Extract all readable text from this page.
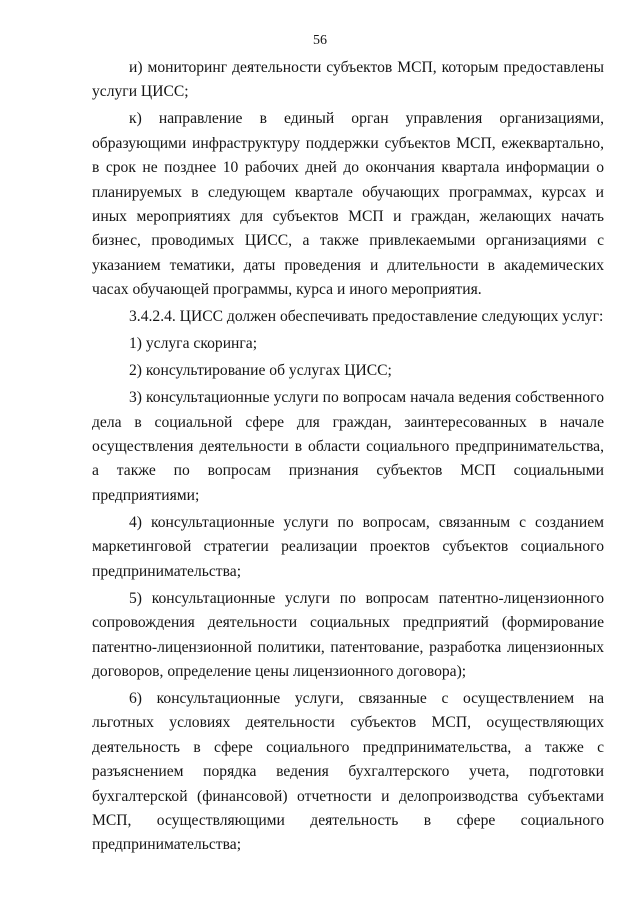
56

и) мониторинг деятельности субъектов МСП, которым предоставлены услуги ЦИСС;

к) направление в единый орган управления организациями, образующими инфраструктуру поддержки субъектов МСП, ежеквартально, в срок не позднее 10 рабочих дней до окончания квартала информации о планируемых в следующем квартале обучающих программах, курсах и иных мероприятиях для субъектов МСП и граждан, желающих начать бизнес, проводимых ЦИСС, а также привлекаемыми организациями с указанием тематики, даты проведения и длительности в академических часах обучающей программы, курса и иного мероприятия.

3.4.2.4. ЦИСС должен обеспечивать предоставление следующих услуг:

1) услуга скоринга;

2) консультирование об услугах ЦИСС;

3) консультационные услуги по вопросам начала ведения собственного дела в социальной сфере для граждан, заинтересованных в начале осуществления деятельности в области социального предпринимательства, а также по вопросам признания субъектов МСП социальными предприятиями;

4) консультационные услуги по вопросам, связанным с созданием маркетинговой стратегии реализации проектов субъектов социального предпринимательства;

5) консультационные услуги по вопросам патентно-лицензионного сопровождения деятельности социальных предприятий (формирование патентно-лицензионной политики, патентование, разработка лицензионных договоров, определение цены лицензионного договора);

6) консультационные услуги, связанные с осуществлением на льготных условиях деятельности субъектов МСП, осуществляющих деятельность в сфере социального предпринимательства, а также с разъяснением порядка ведения бухгалтерского учета, подготовки бухгалтерской (финансовой) отчетности и делопроизводства субъектами МСП, осуществляющими деятельность в сфере социального предпринимательства;
